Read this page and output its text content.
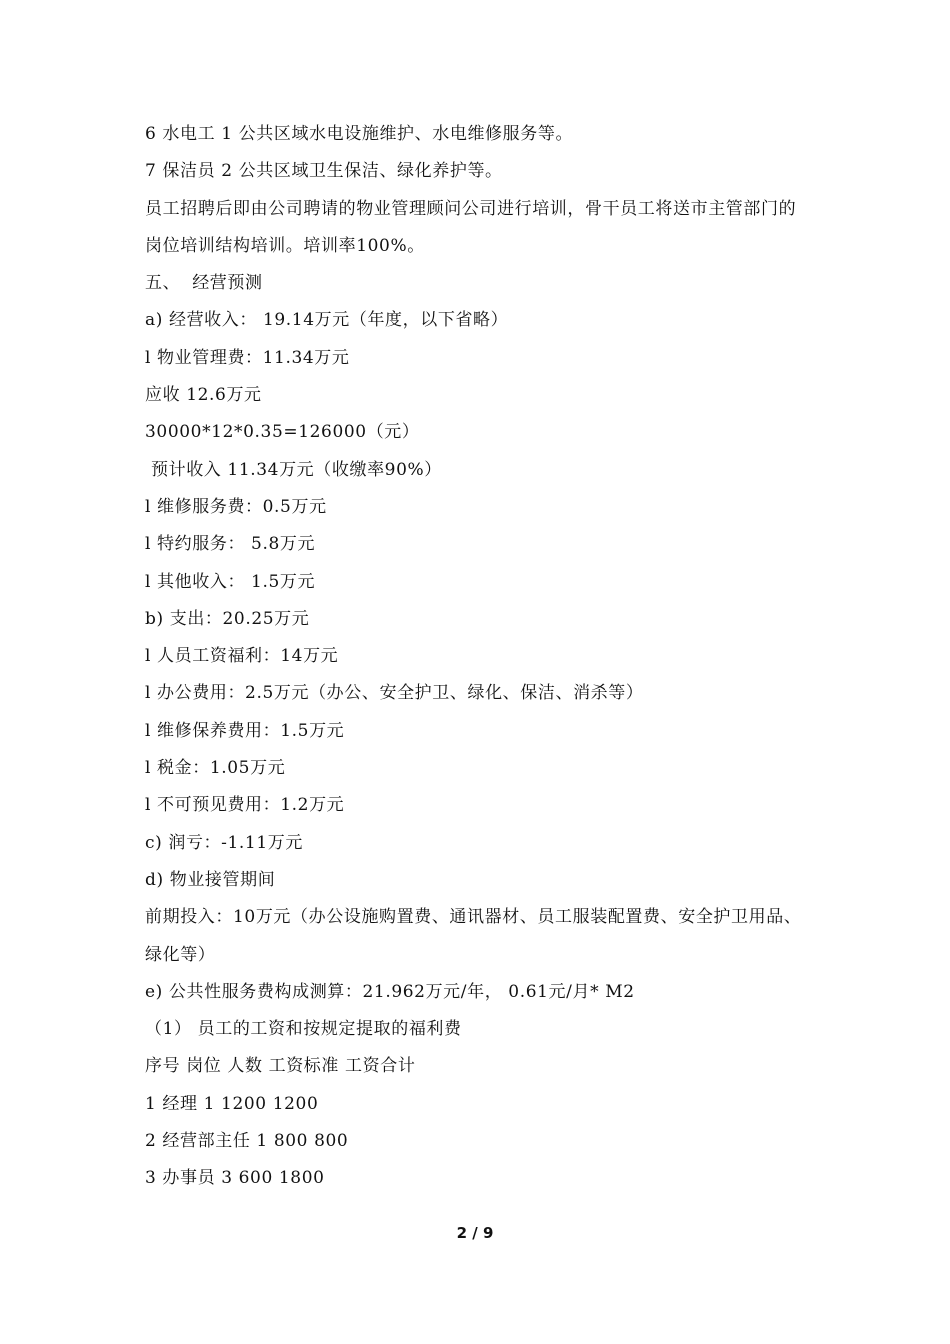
6 水电工 1 公共区域水电设施维护、水电维修服务等。
7 保洁员 2 公共区域卫生保洁、绿化养护等。
员工招聘后即由公司聘请的物业管理顾问公司进行培训，骨干员工将送市主管部门的岗位培训结构培训。培训率100%。
五、  经营预测
a) 经营收入： 19.14万元（年度，以下省略）
l 物业管理费：11.34万元
应收 12.6万元
30000*12*0.35=126000（元）
预计收入 11.34万元（收缴率90%）
l 维修服务费：0.5万元
l 特约服务： 5.8万元
l 其他收入： 1.5万元
b) 支出：20.25万元
l 人员工资福利：14万元
l 办公费用：2.5万元（办公、安全护卫、绿化、保洁、消杀等）
l 维修保养费用：1.5万元
l 税金：1.05万元
l 不可预见费用：1.2万元
c) 润亏：-1.11万元
d) 物业接管期间
前期投入：10万元（办公设施购置费、通讯器材、员工服装配置费、安全护卫用品、绿化等）
e) 公共性服务费构成测算：21.962万元/年， 0.61元/月* M2
（1） 员工的工资和按规定提取的福利费
序号 岗位 人数 工资标准 工资合计
1 经理 1 1200 1200
2 经营部主任 1 800 800
3 办事员 3 600 1800
2 / 9
